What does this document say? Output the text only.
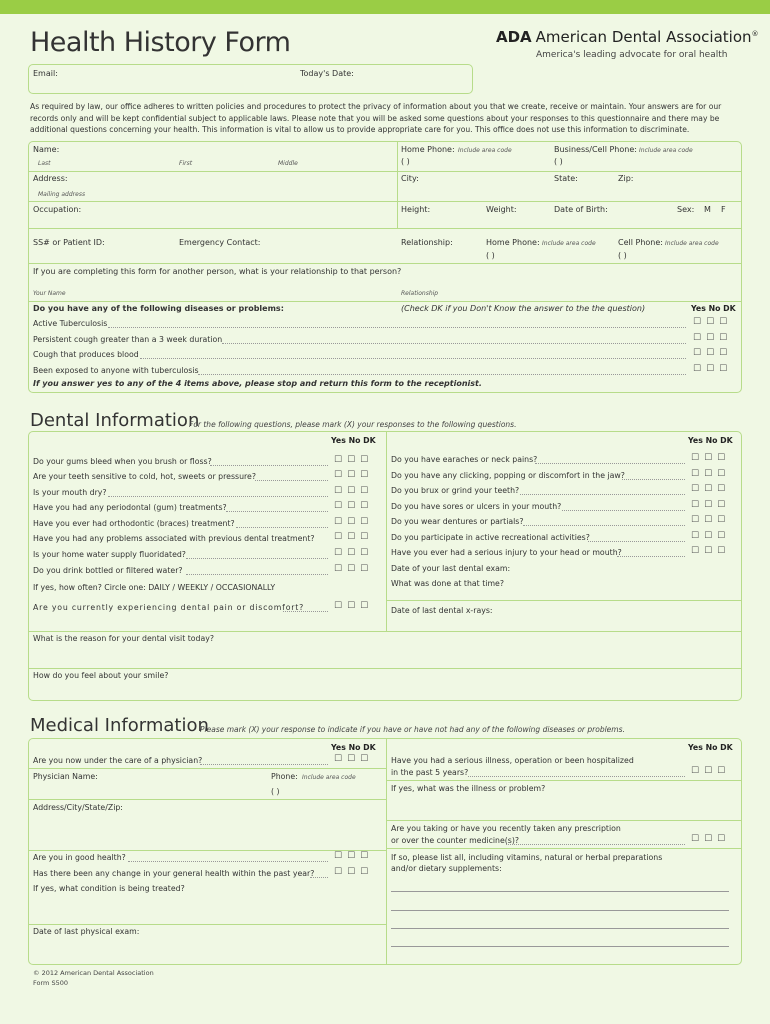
Health History Form	ADA American Dental Association®
America's leading advocate for oral health
Email:	Today's Date:
As required by law, our office adheres to written policies and procedures to protect the privacy of information about you that we create, receive or maintain. Your answers are for our records only and will be kept confidential subject to applicable laws. Please note that you will be asked some questions about your responses to this questionnaire and there may be additional questions concerning your health. This information is vital to allow us to provide appropriate care for you. This office does not use this information to discriminate.
Name:
Last	First	Middle
Home Phone: Include area code	Business/Cell Phone: Include area code
( )	( )
Address:
Mailing address
City:	State:	Zip:
Occupation:	Height:	Weight:	Date of Birth:	Sex: M F
SS# or Patient ID:	Emergency Contact:	Relationship:	Home Phone: Include area code	Cell Phone: Include area code
( )	( )
If you are completing this form for another person, what is your relationship to that person?
Your Name	Relationship
Do you have any of the following diseases or problems:	(Check DK if you Don't Know the answer to the the question)	Yes No DK
Active Tuberculosis	☐☐☐
Persistent cough greater than a 3 week duration	☐☐☐
Cough that produces blood	☐☐☐
Been exposed to anyone with tuberculosis	☐☐☐
If you answer yes to any of the 4 items above, please stop and return this form to the receptionist.
Dental Information
For the following questions, please mark (X) your responses to the following questions.
Yes No DK	Yes No DK
Do your gums bleed when you brush or floss?	☐☐☐
Are your teeth sensitive to cold, hot, sweets or pressure?	☐☐☐
Is your mouth dry?	☐☐☐
Have you had any periodontal (gum) treatments?	☐☐☐
Have you ever had orthodontic (braces) treatment?	☐☐☐
Have you had any problems associated with previous dental treatment?	☐☐☐
Is your home water supply fluoridated?	☐☐☐
Do you drink bottled or filtered water?	☐☐☐
If yes, how often? Circle one: DAILY / WEEKLY / OCCASIONALLY
Are you currently experiencing dental pain or discomfort?	☐☐☐
Do you have earaches or neck pains?	☐☐☐
Do you have any clicking, popping or discomfort in the jaw?	☐☐☐
Do you brux or grind your teeth?	☐☐☐
Do you have sores or ulcers in your mouth?	☐☐☐
Do you wear dentures or partials?	☐☐☐
Do you participate in active recreational activities?	☐☐☐
Have you ever had a serious injury to your head or mouth?	☐☐☐
Date of your last dental exam:
What was done at that time?
Date of last dental x-rays:
What is the reason for your dental visit today?
How do you feel about your smile?
Medical Information
Please mark (X) your response to indicate if you have or have not had any of the following diseases or problems.
Yes No DK	Yes No DK
Are you now under the care of a physician?	☐☐☐
Physician Name:	Phone: Include area code
( )
Address/City/State/Zip:
Are you in good health?	☐☐☐
Has there been any change in your general health within the past year? ☐☐☐
If yes, what condition is being treated?
Date of last physical exam:
Have you had a serious illness, operation or been hospitalized
in the past 5 years?	☐☐☐
If yes, what was the illness or problem?
Are you taking or have you recently taken any prescription
or over the counter medicine(s)?	☐☐☐
If so, please list all, including vitamins, natural or herbal preparations
and/or dietary supplements:
© 2012 American Dental Association
Form S500
